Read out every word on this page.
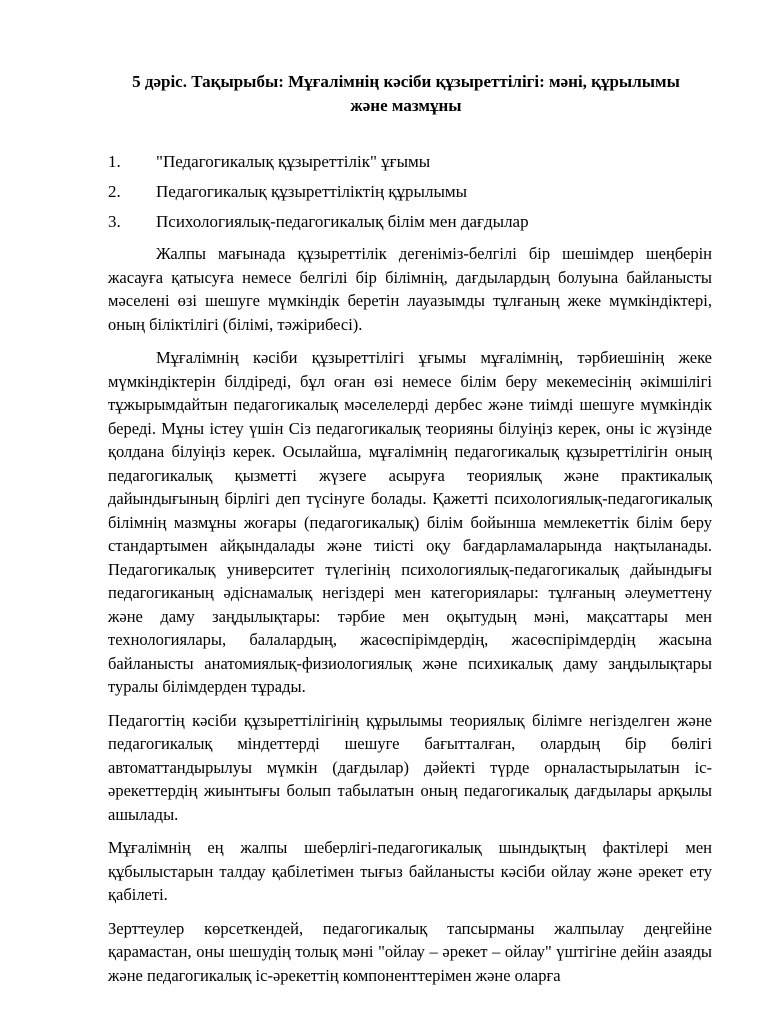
5 дәріс. Тақырыбы: Мұғалімнің кәсіби құзыреттілігі: мәні, құрылымы
және мазмұны
1.	"Педагогикалық құзыреттілік" ұғымы
2.	Педагогикалық құзыреттіліктің құрылымы
3.	Психологиялық-педагогикалық білім мен дағдылар

Жалпы мағынада құзыреттілік дегеніміз-белгілі бір шешімдер шеңберін жасауға қатысуға немесе белгілі бір білімнің, дағдылардың болуына байланысты мәселені өзі шешуге мүмкіндік беретін лауазымды тұлғаның жеке мүмкіндіктері, оның біліктілігі (білімі, тәжірибесі).

Мұғалімнің кәсіби құзыреттілігі ұғымы мұғалімнің, тәрбиешінің жеке мүмкіндіктерін білдіреді, бұл оған өзі немесе білім беру мекемесінің әкімшілігі тұжырымдайтын педагогикалық мәселелерді дербес және тиімді шешуге мүмкіндік береді. Мұны істеу үшін Сіз педагогикалық теорияны білуіңіз керек, оны іс жүзінде қолдана білуіңіз керек. Осылайша, мұғалімнің педагогикалық құзыреттілігін оның педагогикалық қызметті жүзеге асыруға теориялық және практикалық дайындығының бірлігі деп түсінуге болады. Қажетті психологиялық-педагогикалық білімнің мазмұны жоғары (педагогикалық) білім бойынша мемлекеттік білім беру стандартымен айқындалады және тиісті оқу бағдарламаларында нақтыланады. Педагогикалық университет түлегінің психологиялық-педагогикалық дайындығы педагогиканың әдіснамалық негіздері мен категориялары: тұлғаның әлеуметтену және даму заңдылықтары: тәрбие мен оқытудың мәні, мақсаттары мен технологиялары, балалардың, жасөспірімдердің, жасөспірімдердің жасына байланысты анатомиялық-физиологиялық және психикалық даму заңдылықтары туралы білімдерден тұрады.

Педагогтің кәсіби құзыреттілігінің құрылымы теориялық білімге негізделген және педагогикалық міндеттерді шешуге бағытталған, олардың бір бөлігі автоматтандырылуы мүмкін (дағдылар) дәйекті түрде орналастырылатын іс-әрекеттердің жиынтығы болып табылатын оның педагогикалық дағдылары арқылы ашылады.

Мұғалімнің ең жалпы шеберлігі-педагогикалық шындықтың фактілері мен құбылыстарын талдау қабілетімен тығыз байланысты кәсіби ойлау және әрекет ету қабілеті.

Зерттеулер көрсеткендей, педагогикалық тапсырманы жалпылау деңгейіне қарамастан, оны шешудің толық мәні "ойлау – әрекет – ойлау" үштігіне дейін азаяды және педагогикалық іс-әрекеттің компоненттерімен және оларға
